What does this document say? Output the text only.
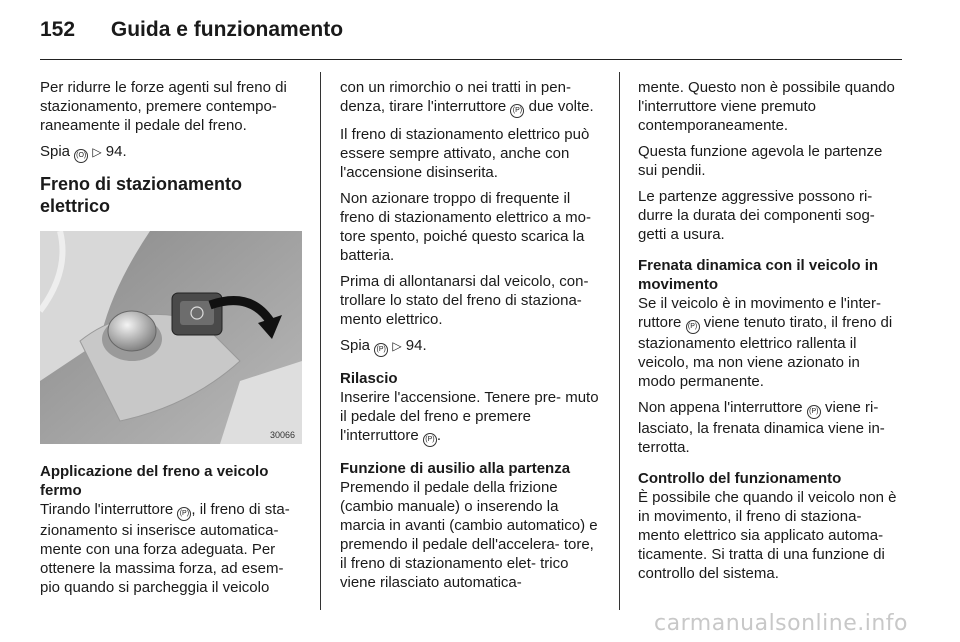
152 Guida e funzionamento

Per ridurre le forze agenti sul freno di stazionamento, premere contempo- raneamente il pedale del freno.

Spia (O) ▷ 94.

Freno di stazionamento elettrico
30066
Applicazione del freno a veicolo fermo

Tirando l'interruttore (P) , il freno di sta- zionamento si inserisce automatica- mente con una forza adeguata. Per ottenere la massima forza, ad esem- pio quando si parcheggia il veicolo

con un rimorchio o nei tratti in pen- denza, tirare l'interruttore (P) due volte.

Il freno di stazionamento elettrico può essere sempre attivato, anche con l'accensione disinserita.

Non azionare troppo di frequente il freno di stazionamento elettrico a mo- tore spento, poiché questo scarica la batteria.

Prima di allontanarsi dal veicolo, con- trollare lo stato del freno di staziona- mento elettrico.

Spia (P) ▷ 94.

Rilascio

Inserire l'accensione. Tenere pre- muto il pedale del freno e premere l'interruttore (P) .

Funzione di ausilio alla partenza

Premendo il pedale della frizione (cambio manuale) o inserendo la marcia in avanti (cambio automatico) e premendo il pedale dell'accelera- tore, il freno di stazionamento elet- trico viene rilasciato automatica-

mente. Questo non è possibile quando l'interruttore viene premuto contemporaneamente.

Questa funzione agevola le partenze sui pendii.

Le partenze aggressive possono ri- durre la durata dei componenti sog- getti a usura.

Frenata dinamica con il veicolo in movimento

Se il veicolo è in movimento e l'inter- ruttore (P) viene tenuto tirato, il freno di stazionamento elettrico rallenta il veicolo, ma non viene azionato in modo permanente.

Non appena l'interruttore (P) viene ri- lasciato, la frenata dinamica viene in- terrotta.

Controllo del funzionamento

È possibile che quando il veicolo non è in movimento, il freno di staziona- mento elettrico sia applicato automa- ticamente. Si tratta di una funzione di controllo del sistema.

carmanualsonline.info
